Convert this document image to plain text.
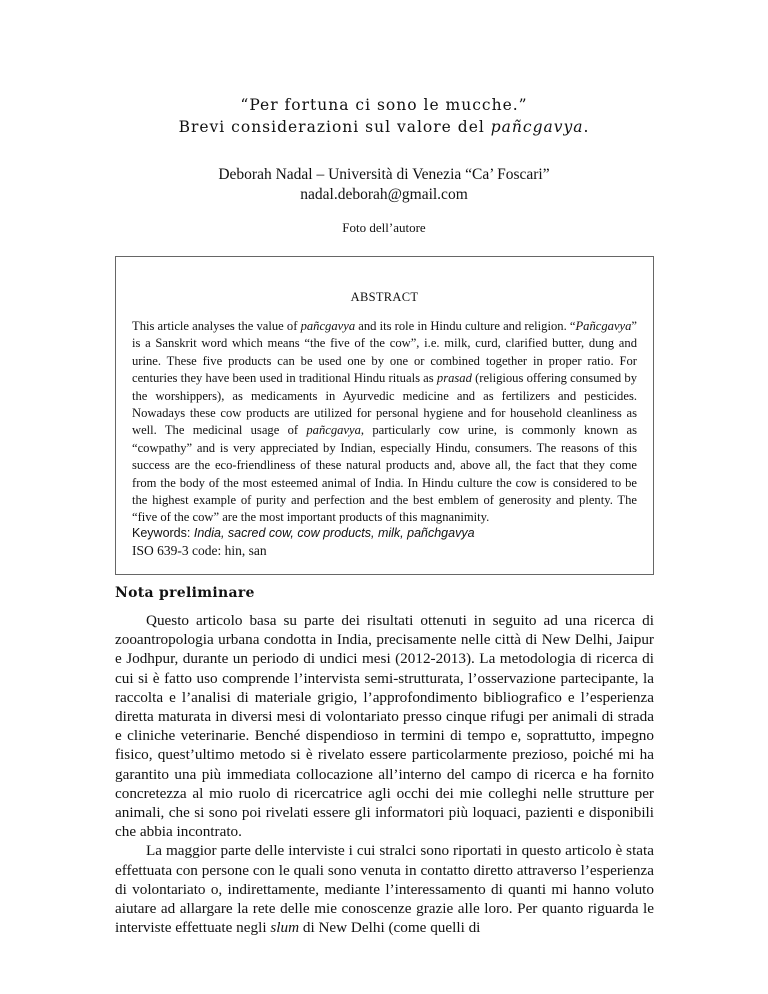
“Per fortuna ci sono le mucche.”
Brevi considerazioni sul valore del pañcgavya.
Deborah Nadal – Università di Venezia “Ca’ Foscari”
nadal.deborah@gmail.com
Foto dell’autore
ABSTRACT

This article analyses the value of pañcgavya and its role in Hindu culture and religion. “Pañcgavya” is a Sanskrit word which means “the five of the cow”, i.e. milk, curd, clarified butter, dung and urine. These five products can be used one by one or combined together in proper ratio. For centuries they have been used in traditional Hindu rituals as prasad (religious offering consumed by the worshippers), as medicaments in Ayurvedic medicine and as fertilizers and pesticides. Nowadays these cow products are utilized for personal hygiene and for household cleanliness as well. The medicinal usage of pañcgavya, particularly cow urine, is commonly known as “cowpathy” and is very appreciated by Indian, especially Hindu, consumers. The reasons of this success are the eco-friendliness of these natural products and, above all, the fact that they come from the body of the most esteemed animal of India. In Hindu culture the cow is considered to be the highest example of purity and perfection and the best emblem of generosity and plenty. The “five of the cow” are the most important products of this magnanimity.

Keywords: India, sacred cow, cow products, milk, pañchgavya
ISO 639-3 code: hin, san
Nota preliminare

Questo articolo basa su parte dei risultati ottenuti in seguito ad una ricerca di zooantropologia urbana condotta in India, precisamente nelle città di New Delhi, Jaipur e Jodhpur, durante un periodo di undici mesi (2012-2013). La metodologia di ricerca di cui si è fatto uso comprende l’intervista semi-strutturata, l’osservazione partecipante, la raccolta e l’analisi di materiale grigio, l’approfondimento bibliografico e l’esperienza diretta maturata in diversi mesi di volontariato presso cinque rifugi per animali di strada e cliniche veterinarie. Benché dispendioso in termini di tempo e, soprattutto, impegno fisico, quest’ultimo metodo si è rivelato essere particolarmente prezioso, poiché mi ha garantito una più immediata collocazione all’interno del campo di ricerca e ha fornito concretezza al mio ruolo di ricercatrice agli occhi dei mie colleghi nelle strutture per animali, che si sono poi rivelati essere gli informatori più loquaci, pazienti e disponibili che abbia incontrato.

La maggior parte delle interviste i cui stralci sono riportati in questo articolo è stata effettuata con persone con le quali sono venuta in contatto diretto attraverso l’esperienza di volontariato o, indirettamente, mediante l’interessamento di quanti mi hanno voluto aiutare ad allargare la rete delle mie conoscenze grazie alle loro. Per quanto riguarda le interviste effettuate negli slum di New Delhi (come quelli di
